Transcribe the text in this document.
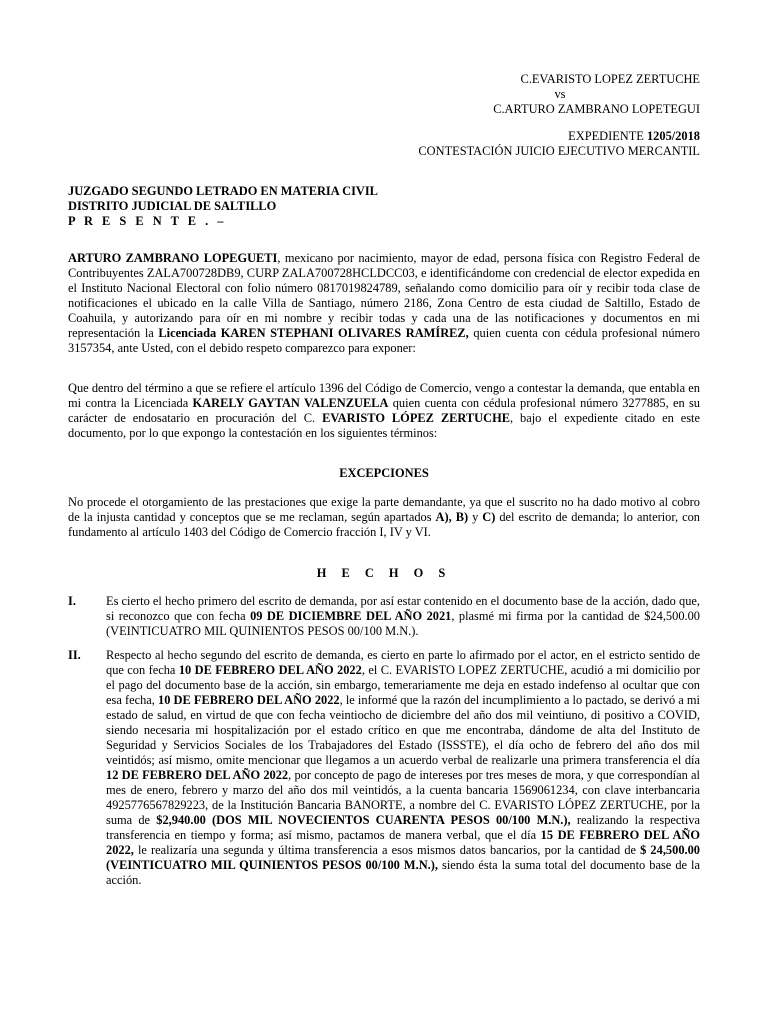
C.EVARISTO LOPEZ ZERTUCHE
vs
C.ARTURO ZAMBRANO LOPETEGUI
EXPEDIENTE 1205/2018
CONTESTACIÓN JUICIO EJECUTIVO MERCANTIL
JUZGADO SEGUNDO LETRADO EN MATERIA CIVIL
DISTRITO JUDICIAL DE SALTILLO
P R E S E N T E . –
ARTURO ZAMBRANO LOPEGUETI, mexicano por nacimiento, mayor de edad, persona física con Registro Federal de Contribuyentes ZALA700728DB9, CURP ZALA700728HCLDCC03, e identificándome con credencial de elector expedida en el Instituto Nacional Electoral con folio número 0817019824789, señalando como domicilio para oír y recibir toda clase de notificaciones el ubicado en la calle Villa de Santiago, número 2186, Zona Centro de esta ciudad de Saltillo, Estado de Coahuila, y autorizando para oír en mi nombre y recibir todas y cada una de las notificaciones y documentos en mi representación la Licenciada KAREN STEPHANI OLIVARES RAMÍREZ, quien cuenta con cédula profesional número 3157354, ante Usted, con el debido respeto comparezco para exponer:
Que dentro del término a que se refiere el artículo 1396 del Código de Comercio, vengo a contestar la demanda, que entabla en mi contra la Licenciada KARELY GAYTAN VALENZUELA quien cuenta con cédula profesional número 3277885, en su carácter de endosatario en procuración del C. EVARISTO LÓPEZ ZERTUCHE, bajo el expediente citado en este documento, por lo que expongo la contestación en los siguientes términos:
EXCEPCIONES
No procede el otorgamiento de las prestaciones que exige la parte demandante, ya que el suscrito no ha dado motivo al cobro de la injusta cantidad y conceptos que se me reclaman, según apartados A), B) y C) del escrito de demanda; lo anterior, con fundamento al artículo 1403 del Código de Comercio fracción I, IV y VI.
H E C H O S
I. Es cierto el hecho primero del escrito de demanda, por así estar contenido en el documento base de la acción, dado que, si reconozco que con fecha 09 DE DICIEMBRE DEL AÑO 2021, plasmé mi firma por la cantidad de $24,500.00 (VEINTICUATRO MIL QUINIENTOS PESOS 00/100 M.N.).
II. Respecto al hecho segundo del escrito de demanda, es cierto en parte lo afirmado por el actor, en el estricto sentido de que con fecha 10 DE FEBRERO DEL AÑO 2022, el C. EVARISTO LOPEZ ZERTUCHE, acudió a mi domicilio por el pago del documento base de la acción, sin embargo, temerariamente me deja en estado indefenso al ocultar que con esa fecha, 10 DE FEBRERO DEL AÑO 2022, le informé que la razón del incumplimiento a lo pactado, se derivó a mi estado de salud, en virtud de que con fecha veintiocho de diciembre del año dos mil veintiuno, di positivo a COVID, siendo necesaria mi hospitalización por el estado crítico en que me encontraba, dándome de alta del Instituto de Seguridad y Servicios Sociales de los Trabajadores del Estado (ISSSTE), el día ocho de febrero del año dos mil veintidós; así mismo, omite mencionar que llegamos a un acuerdo verbal de realizarle una primera transferencia el día 12 DE FEBRERO DEL AÑO 2022, por concepto de pago de intereses por tres meses de mora, y que correspondían al mes de enero, febrero y marzo del año dos mil veintidós, a la cuenta bancaria 1569061234, con clave interbancaria 4925776567829223, de la Institución Bancaria BANORTE, a nombre del C. EVARISTO LÓPEZ ZERTUCHE, por la suma de $2,940.00 (DOS MIL NOVECIENTOS CUARENTA PESOS 00/100 M.N.), realizando la respectiva transferencia en tiempo y forma; así mismo, pactamos de manera verbal, que el día 15 DE FEBRERO DEL AÑO 2022, le realizaría una segunda y última transferencia a esos mismos datos bancarios, por la cantidad de $ 24,500.00 (VEINTICUATRO MIL QUINIENTOS PESOS 00/100 M.N.), siendo ésta la suma total del documento base de la acción.
